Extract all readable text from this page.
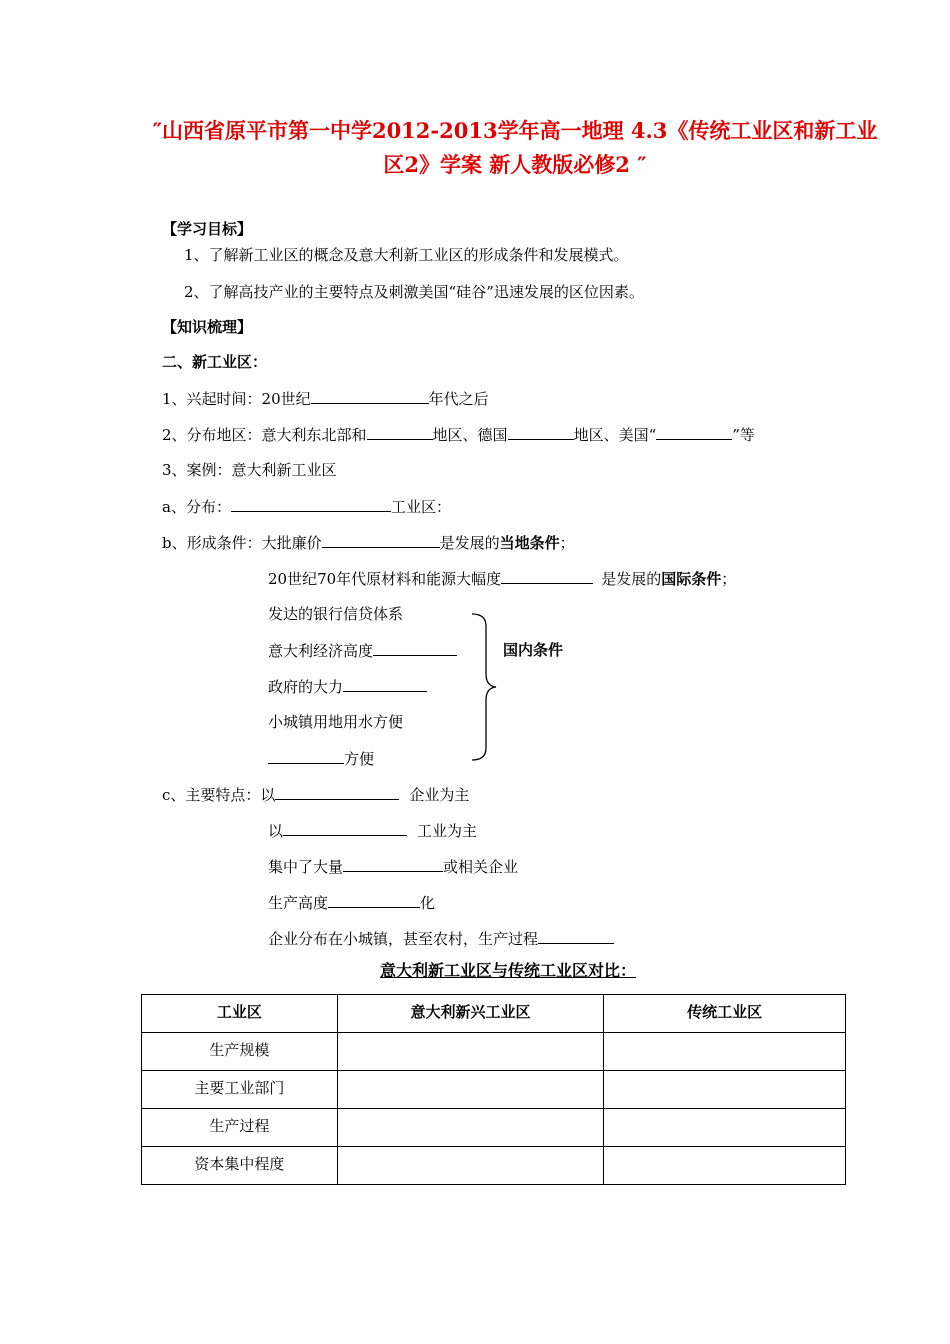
″山西省原平市第一中学2012-2013学年高一地理 4.3《传统工业区和新工业区2》学案 新人教版必修2 ″
【学习目标】
1、了解新工业区的概念及意大利新工业区的形成条件和发展模式。
2、了解高技产业的主要特点及刺激美国“硅谷”迅速发展的区位因素。
【知识梳理】
二、新工业区：
1、兴起时间：20世纪	年代之后
2、分布地区：意大利东北部和	地区、德国	地区、美国“	”等
3、案例：意大利新工业区
a、分布：	工业区：
b、形成条件：大批廉价	是发展的当地条件；
20世纪70年代原材料和能源大幅度	是发展的国际条件；
发达的银行信贷体系
意大利经济高度
政府的大力
小城镇用地用水方便
方便
国内条件
c、主要特点：以	企业为主
以	工业为主
集中了大量	或相关企业
生产高度	化
企业分布在小城镇，甚至农村，生产过程
意大利新工业区与传统工业区对比：
工业区	意大利新兴工业区	传统工业区
生产规模		
主要工业部门		
生产过程		
资本集中程度		
